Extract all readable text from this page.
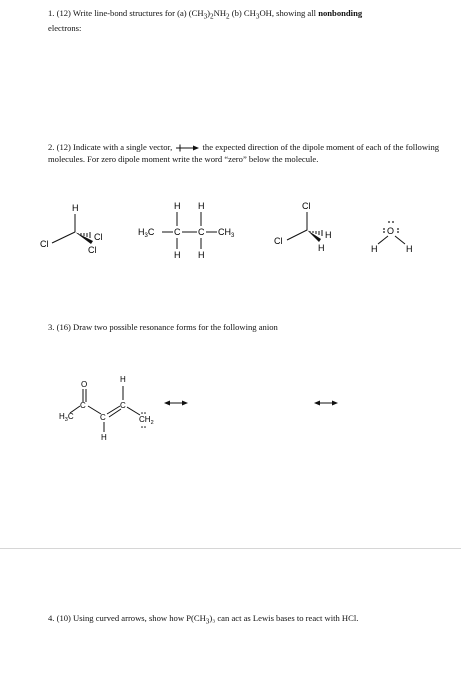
1. (12) Write line-bond structures for (a) $(CH_3)_2NH_2$ (b) $CH_3OH$, showing all nonbonding
electrons:
2. (12) Indicate with a single vector,	the expected direction of the dipole moment of each of the following molecules. For zero dipole moment write the word “zero” below the molecule.
H
Cl
Cl
Cl
H H
$H_3C$ C C $CH_3$
H H
Cl
Cl
H
H
O
H	H
3. (16) Draw two possible resonance forms for the following anion
O
C
$H_3C$	C
H
C
H
$CH_2$
4. (10) Using curved arrows, show how $P(CH_3)_3$ can act as Lewis bases to react with HCl.
